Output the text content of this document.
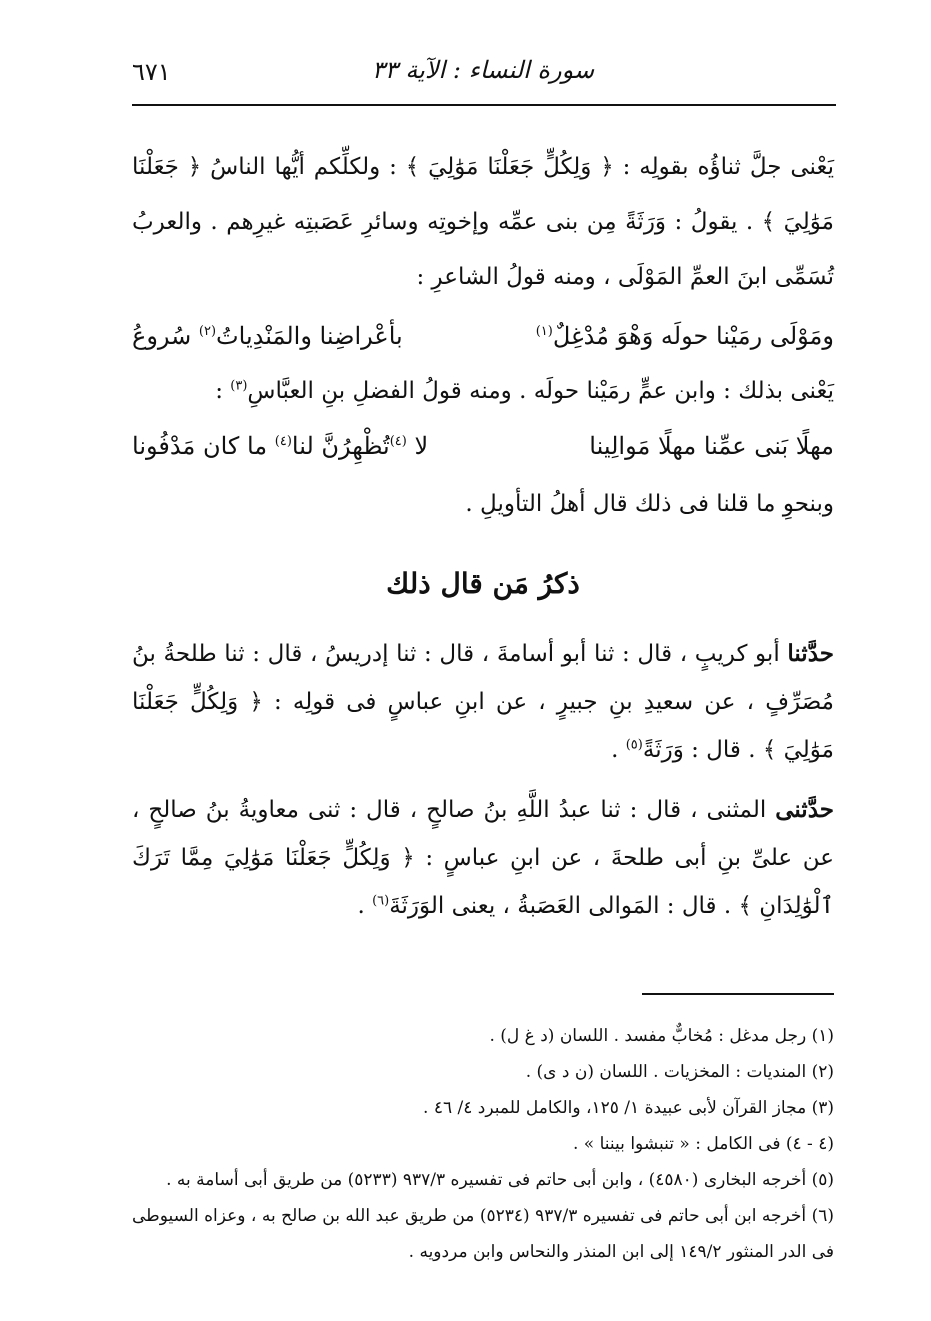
٦٧١	سورة النساء : الآية ٣٣

يَعْنى جلَّ ثناؤُه بقولِه : ﴿ وَلِكُلٍّ جَعَلْنَا مَوَٰلِيَ ﴾ : ولكلِّكم أيُّها الناسُ ﴿ جَعَلْنَا مَوَٰلِيَ ﴾ . يقولُ : وَرَثَةً مِن بنى عمِّه وإخوتِه وسائرِ عَصَبتِه غيرِهم . والعربُ تُسَمِّى ابنَ العمِّ المَوْلَى ، ومنه قولُ الشاعرِ :

ومَوْلَى رمَيْنا حولَه وَهْوَ مُدْغِلٌ$^{(١)}$
بأعْراضِنا والمَنْدِياتُ$^{(٢)}$ سُروعُ

يَعْنى بذلك : وابن عمٍّ رمَيْنا حولَه . ومنه قولُ الفضلِ بنِ العبَّاسِ$^{(٣)}$ :

مهلًا بَنى عمِّنا مهلًا مَوالِينا
لا $^{(٤)}$تُظْهِرُنَّ لنا$^{(٤)}$ ما كان مَدْفُونا

وبنحوِ ما قلنا فى ذلك قال أهلُ التأويلِ .

ذكرُ مَن قال ذلك

حدَّثنا أبو كريبٍ ، قال : ثنا أبو أسامةَ ، قال : ثنا إدريسُ ، قال : ثنا طلحةُ بنُ مُصَرِّفٍ ، عن سعيدِ بنِ جبيرٍ ، عن ابنِ عباسٍ فى قولِه : ﴿ وَلِكُلٍّ جَعَلْنَا مَوَٰلِيَ ﴾ . قال : وَرَثَةً$^{(٥)}$ .

حدَّثنى المثنى ، قال : ثنا عبدُ اللَّهِ بنُ صالحٍ ، قال : ثنى معاويةُ بنُ صالحٍ ، عن علىِّ بنِ أبى طلحةَ ، عن ابنِ عباسٍ : ﴿ وَلِكُلٍّ جَعَلْنَا مَوَٰلِيَ مِمَّا تَرَكَ ٱلْوَٰلِدَانِ ﴾ . قال : المَوالى العَصَبةُ ، يعنى الوَرَثَةَ$^{(٦)}$ .

(١) رجل مدغل : مُخابٌّ مفسد . اللسان (د غ ل) .

(٢) المنديات : المخزيات . اللسان (ن د ى) .

(٣) مجاز القرآن لأبى عبيدة ١/ ١٢٥، والكامل للمبرد ٤/ ٤٦ .

(٤ - ٤) فى الكامل : « تنبشوا بيننا » .

(٥) أخرجه البخارى (٤٥٨٠) ، وابن أبى حاتم فى تفسيره ٩٣٧/٣ (٥٢٣٣) من طريق أبى أسامة به .

(٦) أخرجه ابن أبى حاتم فى تفسيره ٩٣٧/٣ (٥٢٣٤) من طريق عبد الله بن صالح به ، وعزاه السيوطى فى الدر المنثور ١٤٩/٢ إلى ابن المنذر والنحاس وابن مردويه .
